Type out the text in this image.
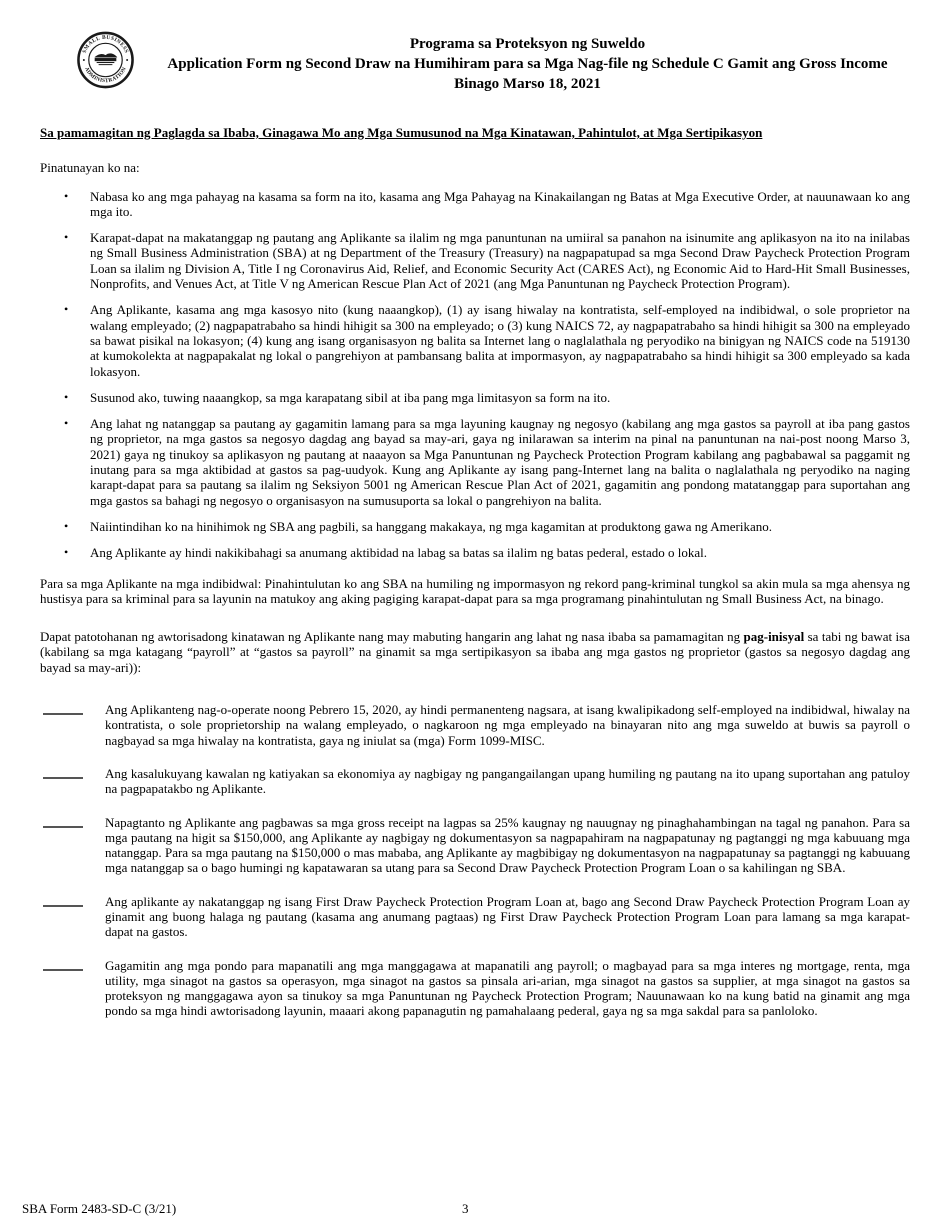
SMALL BUSINESS
ADMINISTRATION
Programa sa Proteksyon ng Suweldo
Application Form ng Second Draw na Humihiram para sa Mga Nag-file ng Schedule C Gamit ang Gross Income
Binago Marso 18, 2021
Sa pamamagitan ng Paglagda sa Ibaba, Ginagawa Mo ang Mga Sumusunod na Mga Kinatawan, Pahintulot, at Mga Sertipikasyon
Pinatunayan ko na:
•	Nabasa ko ang mga pahayag na kasama sa form na ito, kasama ang Mga Pahayag na Kinakailangan ng Batas at Mga Executive Order, at nauunawaan ko ang mga ito.
•	Karapat-dapat na makatanggap ng pautang ang Aplikante sa ilalim ng mga panuntunan na umiiral sa panahon na isinumite ang aplikasyon na ito na inilabas ng Small Business Administration (SBA) at ng Department of the Treasury (Treasury) na nagpapatupad sa mga Second Draw Paycheck Protection Program Loan sa ilalim ng Division A, Title I ng Coronavirus Aid, Relief, and Economic Security Act (CARES Act), ng Economic Aid to Hard-Hit Small Businesses, Nonprofits, and Venues Act, at Title V ng American Rescue Plan Act of 2021 (ang Mga Panuntunan ng Paycheck Protection Program).
•	Ang Aplikante, kasama ang mga kasosyo nito (kung naaangkop), (1) ay isang hiwalay na kontratista, self-employed na indibidwal, o sole proprietor na walang empleyado; (2) nagpapatrabaho sa hindi hihigit sa 300 na empleyado; o (3) kung NAICS 72, ay nagpapatrabaho sa hindi hihigit sa 300 na empleyado sa bawat pisikal na lokasyon; (4) kung ang isang organisasyon ng balita sa Internet lang o naglalathala ng peryodiko na binigyan ng NAICS code na 519130 at kumokolekta at nagpapakalat ng lokal o pangrehiyon at pambansang balita at impormasyon, ay nagpapatrabaho sa hindi hihigit sa 300 empleyado sa kada lokasyon.
•	Susunod ako, tuwing naaangkop, sa mga karapatang sibil at iba pang mga limitasyon sa form na ito.
•	Ang lahat ng natanggap sa pautang ay gagamitin lamang para sa mga layuning kaugnay ng negosyo (kabilang ang mga gastos sa payroll at iba pang gastos ng proprietor, na mga gastos sa negosyo dagdag ang bayad sa may-ari, gaya ng inilarawan sa interim na pinal na panuntunan na nai-post noong Marso 3, 2021) gaya ng tinukoy sa aplikasyon ng pautang at naaayon sa Mga Panuntunan ng Paycheck Protection Program kabilang ang pagbabawal sa paggamit ng inutang para sa mga aktibidad at gastos sa pag-uudyok. Kung ang Aplikante ay isang pang-Internet lang na balita o naglalathala ng peryodiko na naging karapt-dapat para sa pautang sa ilalim ng Seksiyon 5001 ng American Rescue Plan Act of 2021, gagamitin ang pondong matatanggap para suportahan ang mga gastos sa bahagi ng negosyo o organisasyon na sumusuporta sa lokal o pangrehiyon na balita.
•	Naiintindihan ko na hinihimok ng SBA ang pagbili, sa hanggang makakaya, ng mga kagamitan at produktong gawa ng Amerikano.
•	Ang Aplikante ay hindi nakikibahagi sa anumang aktibidad na labag sa batas sa ilalim ng batas pederal, estado o lokal.
Para sa mga Aplikante na mga indibidwal: Pinahintulutan ko ang SBA na humiling ng impormasyon ng rekord pang-kriminal tungkol sa akin mula sa mga ahensya ng hustisya para sa kriminal para sa layunin na matukoy ang aking pagiging karapat-dapat para sa mga programang pinahintulutan ng Small Business Act, na binago.
Dapat patotohanan ng awtorisadong kinatawan ng Aplikante nang may mabuting hangarin ang lahat ng nasa ibaba sa pamamagitan ng pag-inisyal sa tabi ng bawat isa (kabilang sa mga katagang “payroll” at “gastos sa payroll” na ginamit sa mga sertipikasyon sa ibaba ang mga gastos ng proprietor (gastos sa negosyo dagdag ang bayad sa may-ari)):
Ang Aplikanteng nag-o-operate noong Pebrero 15, 2020, ay hindi permanenteng nagsara, at isang kwalipikadong self-employed na indibidwal, hiwalay na kontratista, o sole proprietorship na walang empleyado, o nagkaroon ng mga empleyado na binayaran nito ang mga suweldo at buwis sa payroll o nagbayad sa mga hiwalay na kontratista, gaya ng iniulat sa (mga) Form 1099-MISC.
Ang kasalukuyang kawalan ng katiyakan sa ekonomiya ay nagbigay ng pangangailangan upang humiling ng pautang na ito upang suportahan ang patuloy na pagpapatakbo ng Aplikante.
Napagtanto ng Aplikante ang pagbawas sa mga gross receipt na lagpas sa 25% kaugnay ng nauugnay ng pinaghahambingan na tagal ng panahon. Para sa mga pautang na higit sa $150,000, ang Aplikante ay nagbigay ng dokumentasyon sa nagpapahiram na nagpapatunay ng pagtanggi ng mga kabuuang mga natanggap. Para sa mga pautang na $150,000 o mas mababa, ang Aplikante ay magbibigay ng dokumentasyon na nagpapatunay sa pagtanggi ng kabuuang mga natanggap sa o bago humingi ng kapatawaran sa utang para sa Second Draw Paycheck Protection Program Loan o sa kahilingan ng SBA.
Ang aplikante ay nakatanggap ng isang First Draw Paycheck Protection Program Loan at, bago ang Second Draw Paycheck Protection Program Loan ay ginamit ang buong halaga ng pautang (kasama ang anumang pagtaas) ng First Draw Paycheck Protection Program Loan para lamang sa mga karapat-dapat na gastos.
Gagamitin ang mga pondo para mapanatili ang mga manggagawa at mapanatili ang payroll; o magbayad para sa mga interes ng mortgage, renta, mga utility, mga sinagot na gastos sa operasyon, mga sinagot na gastos sa pinsala ari-arian, mga sinagot na gastos sa supplier, at mga sinagot na gastos sa proteksyon ng manggagawa ayon sa tinukoy sa mga Panuntunan ng Paycheck Protection Program; Nauunawaan ko na kung batid na ginamit ang mga pondo sa mga hindi awtorisadong layunin, maaari akong papanagutin ng pamahalaang pederal, gaya ng sa mga sakdal para sa panloloko.
SBA Form 2483-SD-C (3/21)	3
